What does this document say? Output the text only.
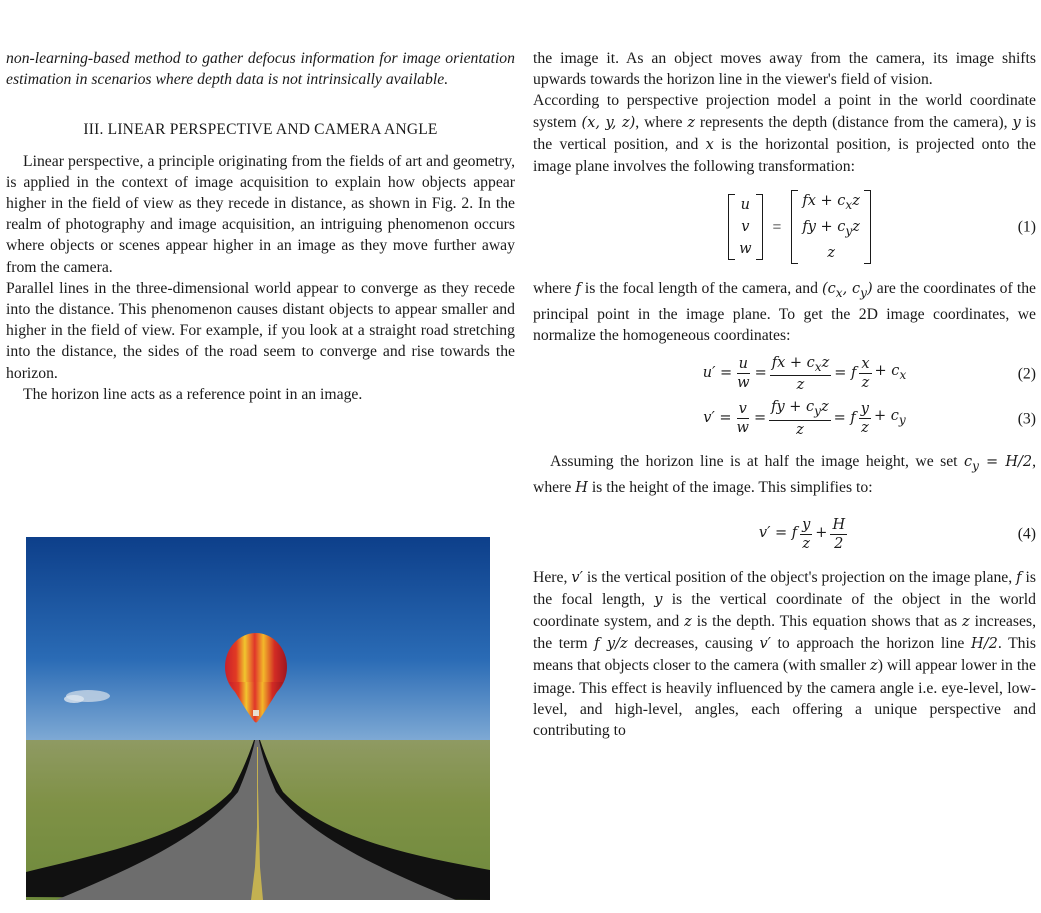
non-learning-based method to gather defocus information for image orientation estimation in scenarios where depth data is not intrinsically available.

III. LINEAR PERSPECTIVE AND CAMERA ANGLE

Linear perspective, a principle originating from the fields of art and geometry, is applied in the context of image acquisition to explain how objects appear higher in the field of view as they recede in distance, as shown in Fig. 2. In the realm of photography and image acquisition, an intriguing phenomenon occurs where objects or scenes appear higher in an image as they move further away from the camera.

Parallel lines in the three-dimensional world appear to converge as they recede into the distance. This phenomenon causes distant objects to appear smaller and higher in the field of view. For example, if you look at a straight road stretching into the distance, the sides of the road seem to converge and rise towards the horizon.

The horizon line acts as a reference point in an image.

the image it. As an object moves away from the camera, its image shifts upwards towards the horizon line in the viewer's field of vision.

According to perspective projection model a point in the world coordinate system (x, y, z), where z represents the depth (distance from the camera), y is the vertical position, and x is the horizontal position, is projected onto the image plane involves the following transformation:

u
v
w
=
fx + $c_xz$
fy + $c_yz$
z
(1)

where f is the focal length of the camera, and ($c_x$, $c_y$) are the coordinates of the principal point in the image plane. To get the 2D image coordinates, we normalize the homogeneous coordinates:

$u' = \frac{u}{w} = \frac{fx + c_xz}{z} = f \frac{x}{z} + c_x$	(2)
$v' = \frac{v}{w} = \frac{fy + c_yz}{z} = f \frac{y}{z} + c_y$	(3)

Assuming the horizon line is at half the image height, we set $c_y = H/2$, where H is the height of the image. This simplifies to:

v′ = f $\frac{y}{z} + \frac{H}{2}$	(4)

Here, v′ is the vertical position of the object's projection on the image plane, f is the focal length, y is the vertical coordinate of the object in the world coordinate system, and z is the depth. This equation shows that as z increases, the term f y/z decreases, causing v′ to approach the horizon line H/2. This means that objects closer to the camera (with smaller z) will appear lower in the image. This effect is heavily influenced by the camera angle i.e. eye-level, low-level, and high-level, angles, each offering a unique perspective and contributing to
